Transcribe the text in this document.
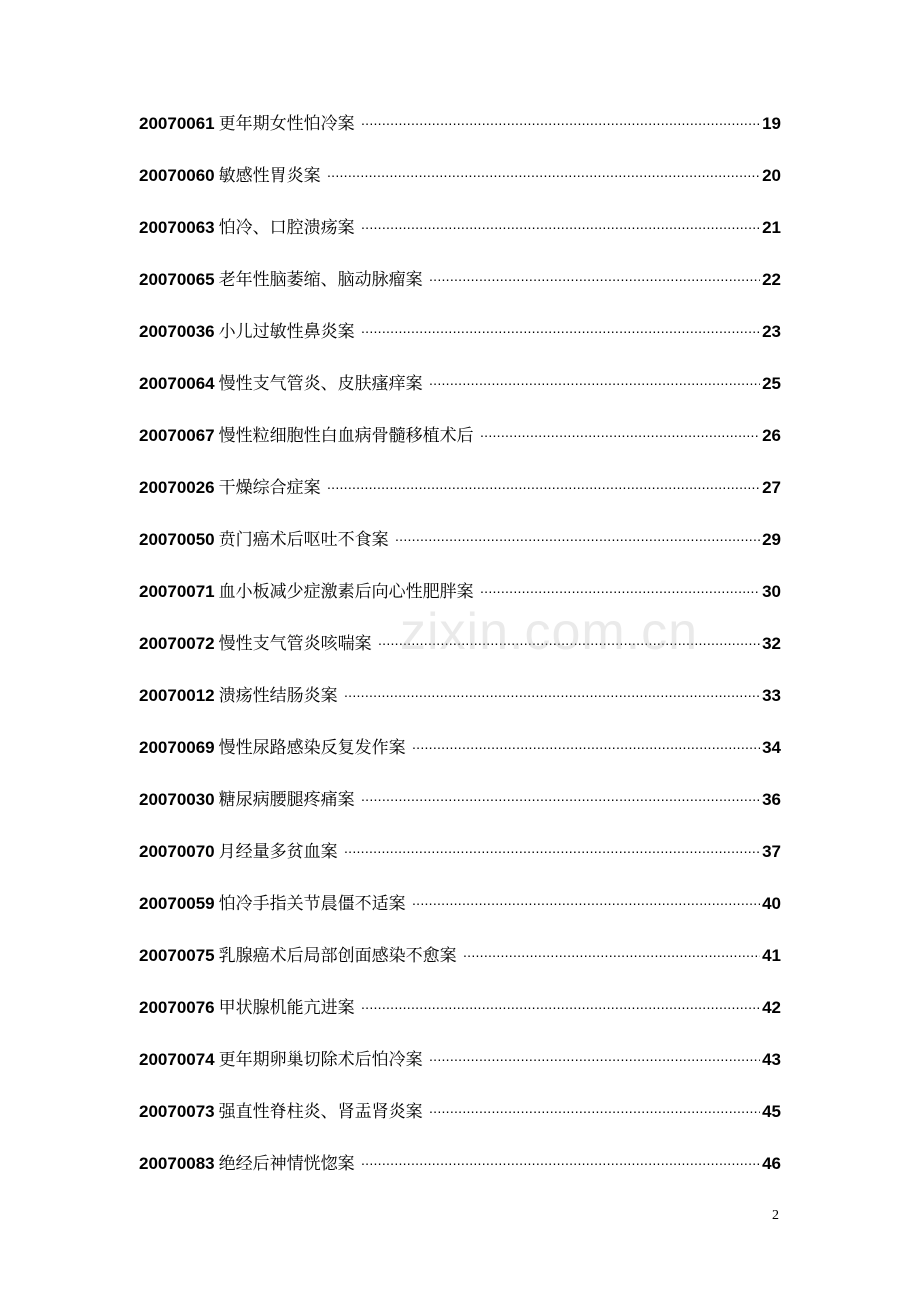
20070061 更年期女性怕冷案 ·····	19
20070060 敏感性胃炎案 ·····	20
20070063 怕冷、口腔溃疡案 ·····	21
20070065 老年性脑萎缩、脑动脉瘤案 ·····	22
20070036 小儿过敏性鼻炎案 ·····	23
20070064 慢性支气管炎、皮肤瘙痒案 ·····	25
20070067 慢性粒细胞性白血病骨髓移植术后 ·····	26
20070026 干燥综合症案 ·····	27
20070050 贲门癌术后呕吐不食案 ·····	29
20070071 血小板减少症激素后向心性肥胖案 ·····	30
20070072 慢性支气管炎咳喘案 ·····	32
20070012 溃疡性结肠炎案 ·····	33
20070069 慢性尿路感染反复发作案 ·····	34
20070030 糖尿病腰腿疼痛案 ·····	36
20070070 月经量多贫血案 ·····	37
20070059 怕冷手指关节晨僵不适案 ·····	40
20070075 乳腺癌术后局部创面感染不愈案 ·····	41
20070076 甲状腺机能亢进案 ·····	42
20070074 更年期卵巢切除术后怕冷案 ·····	43
20070073 强直性脊柱炎、肾盂肾炎案 ·····	45
20070083 绝经后神情恍惚案 ·····	46
zixin.com.cn
2
